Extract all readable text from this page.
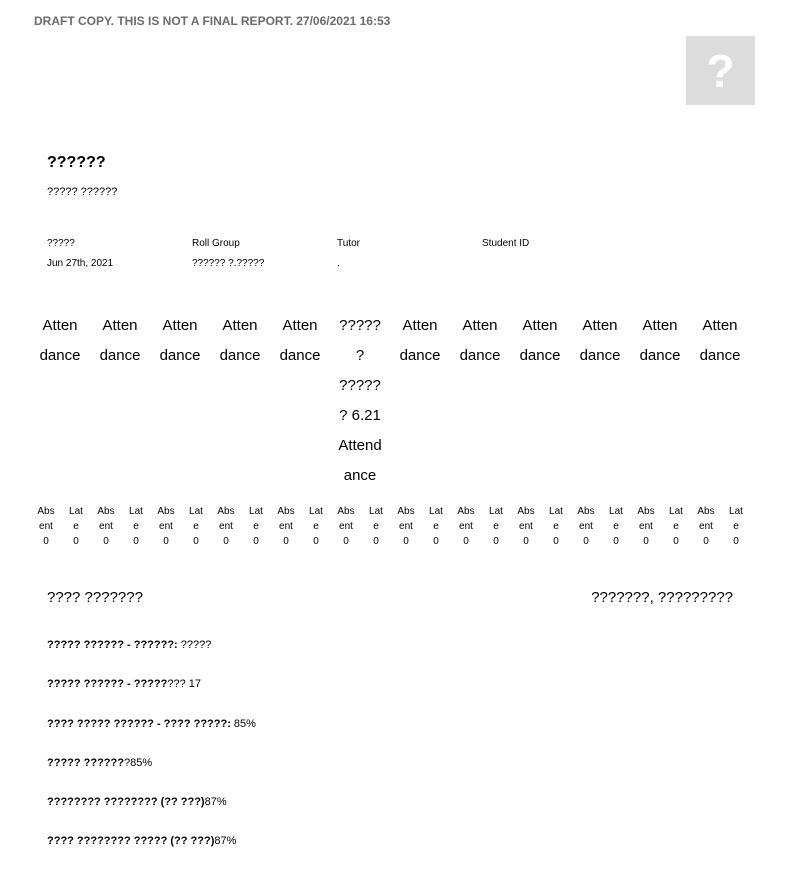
DRAFT COPY. THIS IS NOT A FINAL REPORT. 27/06/2021 16:53
?
??????
????? ??????
?????
Jun 27th, 2021
Roll Group
?????? ?.?????
Tutor
.
Student ID
Atten
dance
Atten
dance
Atten
dance
Atten
dance
Atten
dance
?????
?
?????
? 6.21
Attend
ance
Atten
dance
Atten
dance
Atten
dance
Atten
dance
Atten
dance
Atten
dance
Abs
ent
0
Lat
e
0
Abs
ent
0
Lat
e
0
Abs
ent
0
Lat
e
0
Abs
ent
0
Lat
e
0
Abs
ent
0
Lat
e
0
Abs
ent
0
Lat
e
0
Abs
ent
0
Lat
e
0
Abs
ent
0
Lat
e
0
Abs
ent
0
Lat
e
0
Abs
ent
0
Lat
e
0
Abs
ent
0
Lat
e
0
Abs
ent
0
Lat
e
0
???? ???????	???????, ?????????
????? ?????? - ??????: ?????
????? ?????? - ???????? 17
???? ????? ?????? - ???? ?????: 85%
????? ???????85%
???????? ???????? (?? ???)87%
???? ???????? ????? (?? ???)87%
